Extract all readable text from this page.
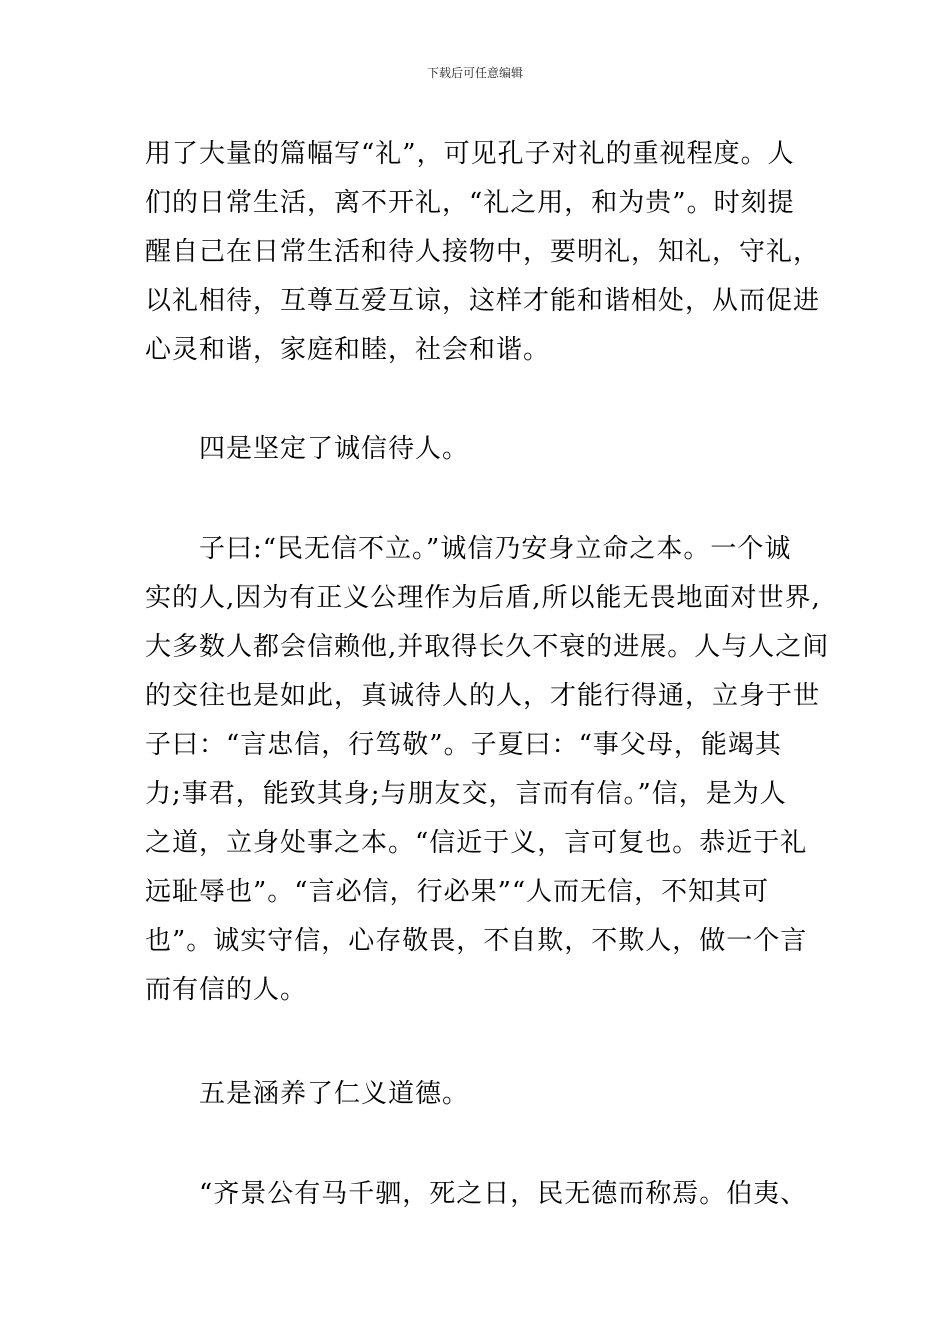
下载后可任意编辑
用了大量的篇幅写“礼”，可见孔子对礼的重视程度。人
们的日常生活，离不开礼，“礼之用，和为贵”。时刻提
醒自己在日常生活和待人接物中，要明礼，知礼，守礼，
以礼相待，互尊互爱互谅，这样才能和谐相处，从而促进
心灵和谐，家庭和睦，社会和谐。
　　四是坚定了诚信待人。
　　子曰:“民无信不立。”诚信乃安身立命之本。一个诚
实的人,因为有正义公理作为后盾,所以能无畏地面对世界,
大多数人都会信赖他,并取得长久不衰的进展。人与人之间
的交往也是如此，真诚待人的人，才能行得通，立身于世
子曰：“言忠信，行笃敬”。子夏曰：“事父母，能竭其
力;事君，能致其身;与朋友交，言而有信。”信，是为人
之道，立身处事之本。“信近于义，言可复也。恭近于礼
远耻辱也”。“言必信，行必果”“人而无信，不知其可
也”。诚实守信，心存敬畏，不自欺，不欺人，做一个言
而有信的人。
　　五是涵养了仁义道德。
　　“齐景公有马千驷，死之日，民无德而称焉。伯夷、
